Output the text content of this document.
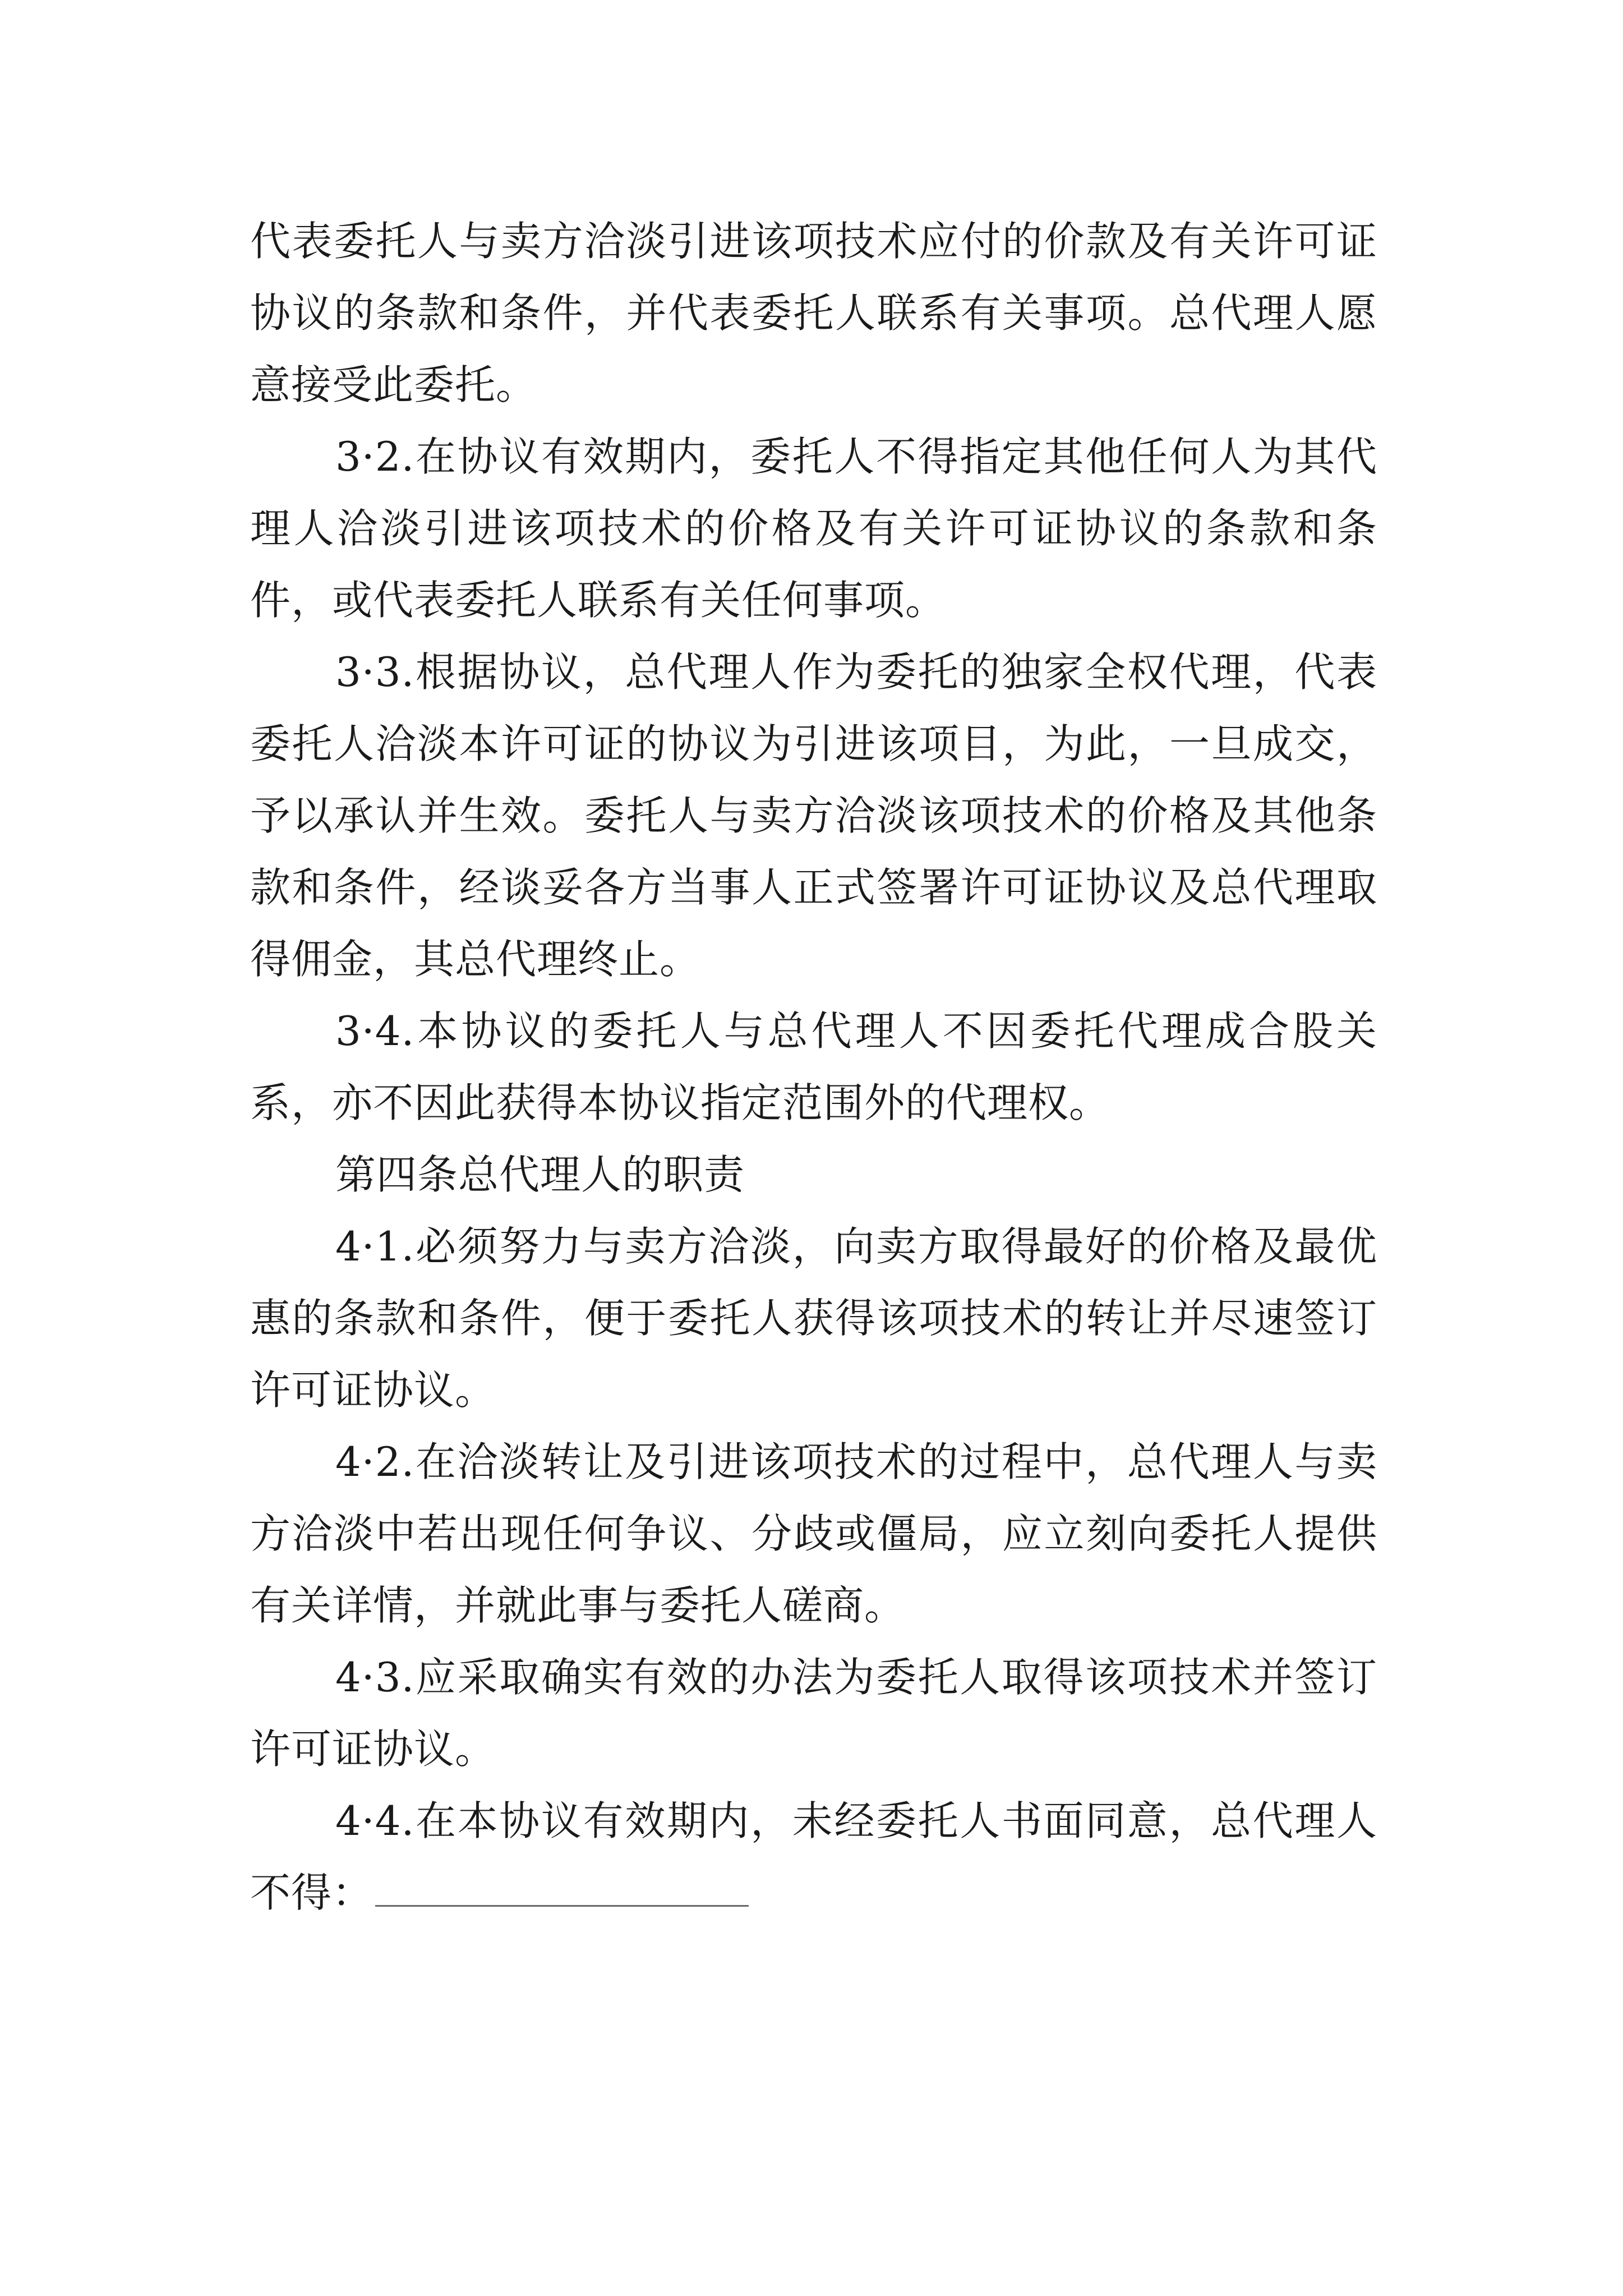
代表委托人与卖方洽淡引进该项技术应付的价款及有关许可证协议的条款和条件，并代表委托人联系有关事项。总代理人愿意接受此委托。

3·2.在协议有效期内，委托人不得指定其他任何人为其代理人洽淡引进该项技术的价格及有关许可证协议的条款和条件，或代表委托人联系有关任何事项。

3·3.根据协议，总代理人作为委托的独家全权代理，代表委托人洽淡本许可证的协议为引进该项目，为此，一旦成交，予以承认并生效。委托人与卖方洽淡该项技术的价格及其他条款和条件，经谈妥各方当事人正式签署许可证协议及总代理取得佣金，其总代理终止。

3·4.本协议的委托人与总代理人不因委托代理成合股关系，亦不因此获得本协议指定范围外的代理权。

第四条总代理人的职责

4·1.必须努力与卖方洽淡，向卖方取得最好的价格及最优惠的条款和条件，便于委托人获得该项技术的转让并尽速签订许可证协议。

4·2.在洽淡转让及引进该项技术的过程中，总代理人与卖方洽淡中若出现任何争议、分歧或僵局，应立刻向委托人提供有关详情，并就此事与委托人磋商。

4·3.应采取确实有效的办法为委托人取得该项技术并签订许可证协议。

4·4.在本协议有效期内，未经委托人书面同意，总代理人不得：
